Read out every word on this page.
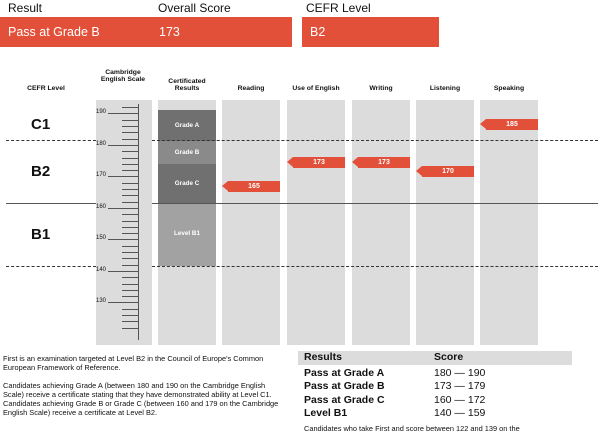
Result
Pass at Grade B
Overall Score
173
CEFR Level
B2
CEFR Level
Cambridge English Scale	Certificated Results	Reading	Use of English	Writing	Listening	Speaking
190
180
170
160
150
140
130
Grade A
Grade B
Grade C
Level B1
C1
B2
B1
165
173	173
170
185
First is an examination targeted at Level B2 in the Council of Europe's Common European Framework of Reference.
Candidates achieving Grade A (between 180 and 190 on the Cambridge English Scale) receive a certificate stating that they have demonstrated ability at Level C1. Candidates achieving Grade B or Grade C (between 160 and 179 on the Cambridge English Scale) receive a certificate at Level B2.
Results	Score
Pass at Grade A	180 — 190
Pass at Grade B	173 — 179
Pass at Grade C	160 — 172
Level B1	140 — 159
Candidates who take First and score between 122 and 139 on the
